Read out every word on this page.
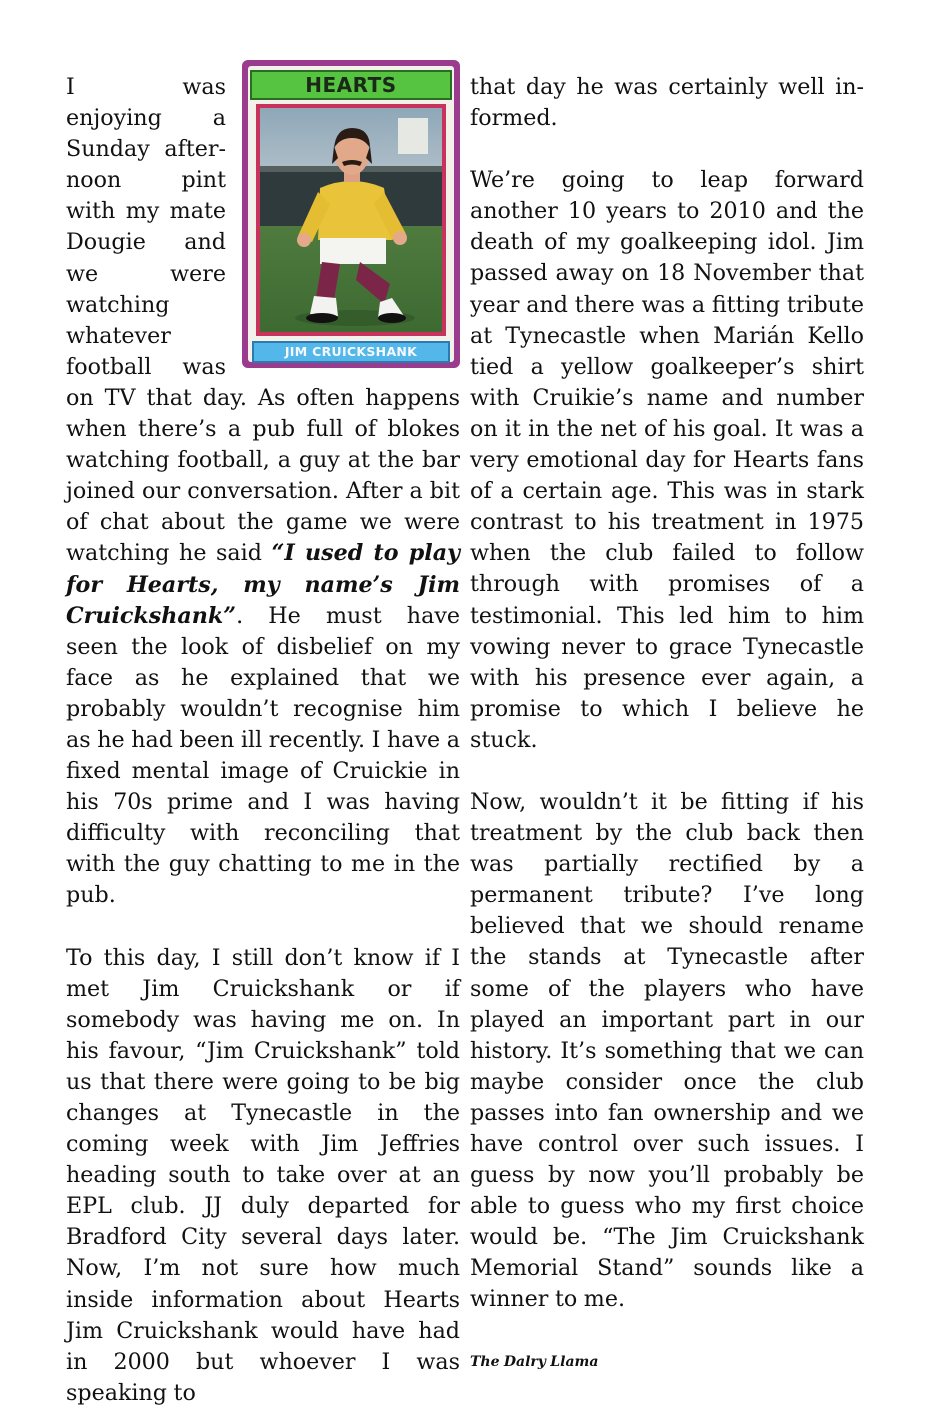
HEARTS
JIM CRUICKSHANK

I was enjoying a Sunday afternoon pint with my mate Dougie and we were watching whatever football was on TV that day. As often happens when there’s a pub full of blokes watching football, a guy at the bar joined our conversation. After a bit of chat about the game we were watching he said “I used to play for Hearts, my name’s Jim Cruickshank”. He must have seen the look of disbelief on my face as he explained that we probably wouldn’t recognise him as he had been ill recently. I have a fixed mental image of Cruickie in his 70s prime and I was having difficulty with reconciling that with the guy chatting to me in the pub.

To this day, I still don’t know if I met Jim Cruickshank or if somebody was having me on. In his favour, “Jim Cruickshank” told us that there were going to be big changes at Tynecastle in the coming week with Jim Jeffries heading south to take over at an EPL club. JJ duly departed for Bradford City several days later. Now, I’m not sure how much inside information about Hearts Jim Cruickshank would have had in 2000 but whoever I was speaking to

that day he was certainly well informed.

We’re going to leap forward another 10 years to 2010 and the death of my goalkeeping idol. Jim passed away on 18 November that year and there was a fitting tribute at Tynecastle when Marián Kello tied a yellow goalkeeper’s shirt with Cruikie’s name and number on it in the net of his goal. It was a very emotional day for Hearts fans of a certain age. This was in stark contrast to his treatment in 1975 when the club failed to follow through with promises of a testimonial. This led him to him vowing never to grace Tynecastle with his presence ever again, a promise to which I believe he stuck.

Now, wouldn’t it be fitting if his treatment by the club back then was partially rectified by a permanent tribute? I’ve long believed that we should rename the stands at Tynecastle after some of the players who have played an important part in our history. It’s something that we can maybe consider once the club passes into fan ownership and we have control over such issues. I guess by now you’ll probably be able to guess who my first choice would be. “The Jim Cruickshank Memorial Stand” sounds like a winner to me.

The Dalry Llama
